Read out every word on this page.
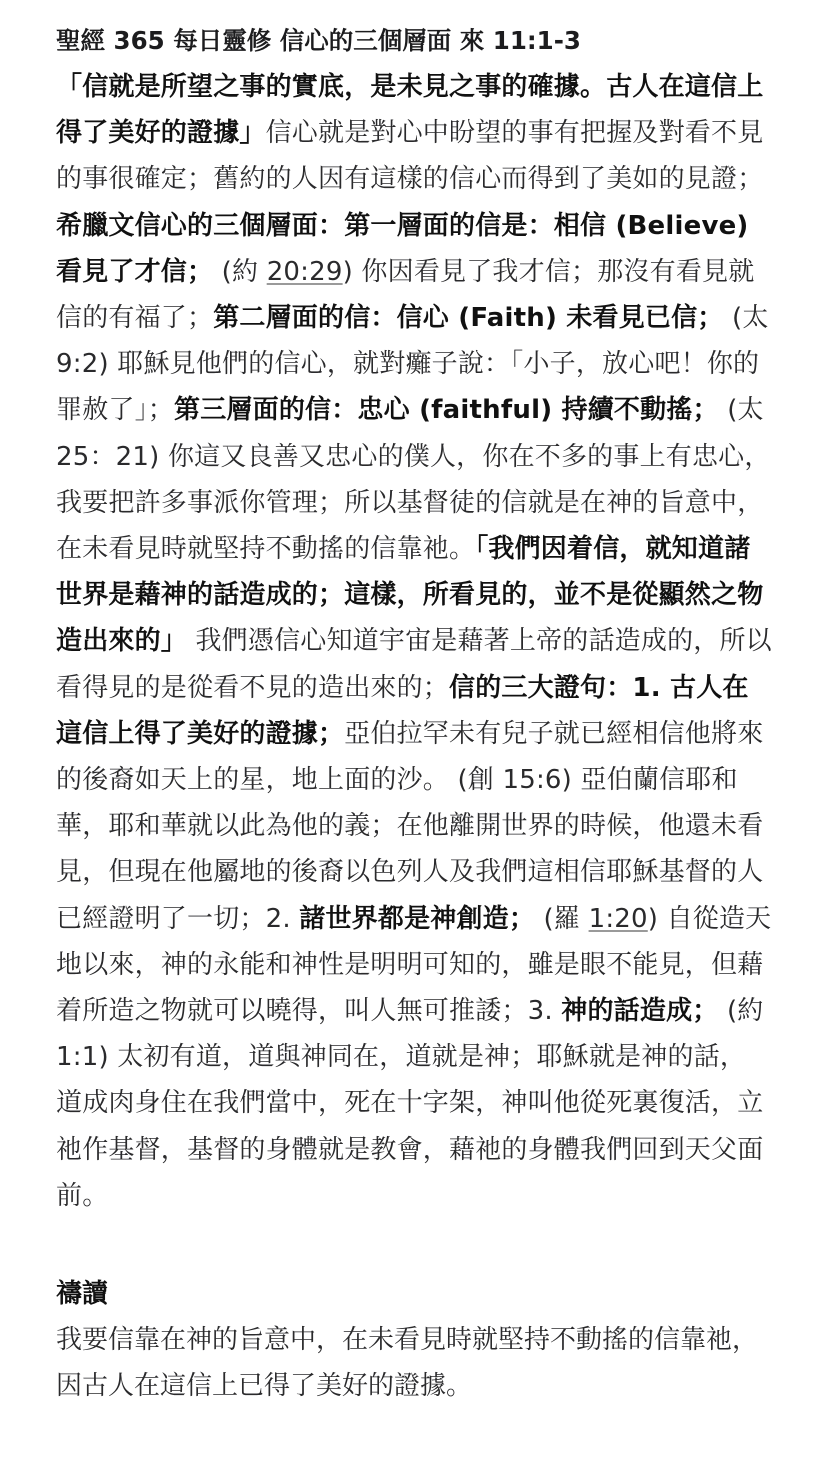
聖經 365 每日靈修 信心的三個層面 來 11:1-3

「信就是所望之事的實底，是未見之事的確據。古人在這信上得了美好的證據」信心就是對心中盼望的事有把握及對看不見的事很確定；舊約的人因有這樣的信心而得到了美如的見證；希臘文信心的三個層面：第一層面的信是：相信 (Believe) 看見了才信； (約 20:29) 你因看見了我才信；那沒有看見就信的有福了；第二層面的信：信心 (Faith) 未看見已信； (太 9:2) 耶穌見他們的信心，就對癱子說：「小子，放心吧！你的罪赦了」；第三層面的信：忠心 (faithful) 持續不動搖； (太 25：21) 你這又良善又忠心的僕人，你在不多的事上有忠心，我要把許多事派你管理；所以基督徒的信就是在神的旨意中，在未看見時就堅持不動搖的信靠祂。「我們因着信，就知道諸世界是藉神的話造成的；這樣，所看見的，並不是從顯然之物造出來的」 我們憑信心知道宇宙是藉著上帝的話造成的，所以看得見的是從看不見的造出來的；信的三大證句：1. 古人在這信上得了美好的證據；亞伯拉罕未有兒子就已經相信他將來的後裔如天上的星，地上面的沙。 (創 15:6) 亞伯蘭信耶和華，耶和華就以此為他的義；在他離開世界的時候，他還未看見，但現在他屬地的後裔以色列人及我們這相信耶穌基督的人已經證明了一切；2. 諸世界都是神創造； (羅 1:20) 自從造天地以來，神的永能和神性是明明可知的，雖是眼不能見，但藉着所造之物就可以曉得，叫人無可推諉；3. 神的話造成； (約 1:1) 太初有道，道與神同在，道就是神；耶穌就是神的話，道成肉身住在我們當中，死在十字架，神叫他從死裏復活，立祂作基督，基督的身體就是教會，藉祂的身體我們回到天父面前。

禱讀

我要信靠在神的旨意中，在未看見時就堅持不動搖的信靠祂，因古人在這信上已得了美好的證據。
